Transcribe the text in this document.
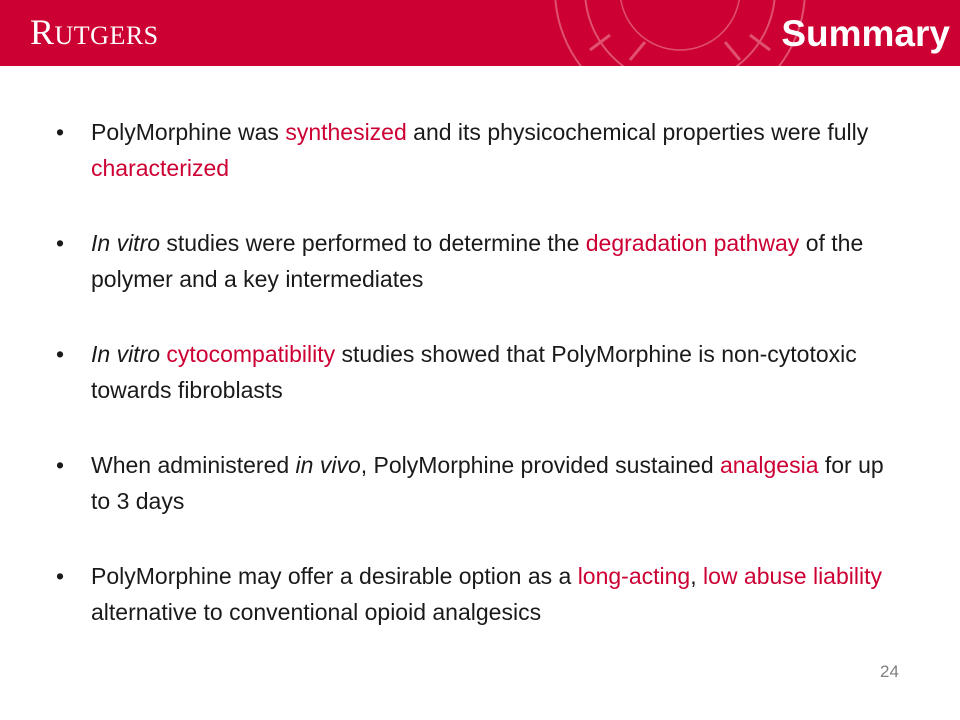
RUTGERS	Summary
• PolyMorphine was synthesized and its physicochemical properties were fully characterized
• In vitro studies were performed to determine the degradation pathway of the polymer and a key intermediates
• In vitro cytocompatibility studies showed that PolyMorphine is non-cytotoxic towards fibroblasts
• When administered in vivo, PolyMorphine provided sustained analgesia for up to 3 days
• PolyMorphine may offer a desirable option as a long-acting, low abuse liability alternative to conventional opioid analgesics
24
